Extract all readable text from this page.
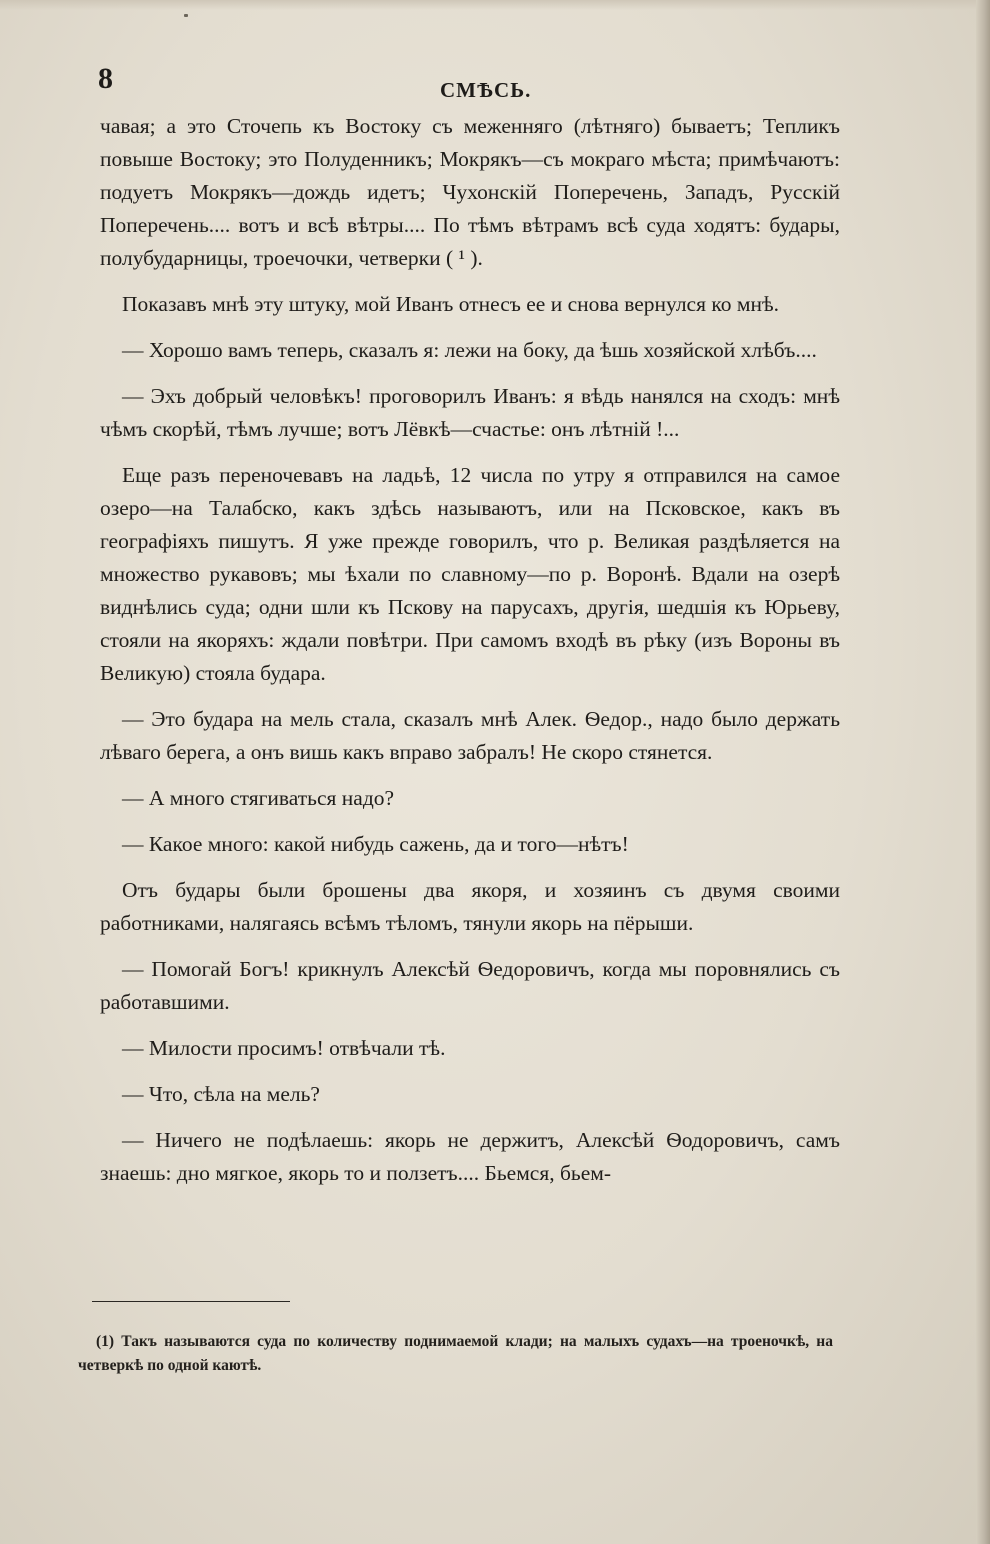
8	СМѢСЬ.

чавая; а это Сточепь къ Востоку съ меженняго (лѣтняго) бываетъ; Тепликъ повыше Востоку; это Полуденникъ; Мокрякъ—съ мокраго мѣста; примѣчаютъ: подуетъ Мокрякъ—дождь идетъ; Чухонскій Поперечень, Западъ, Русскій Поперечень.... вотъ и всѣ вѣтры.... По тѣмъ вѣтрамъ всѣ суда ходятъ: будары, полубударницы, троечочки, четверки ( ¹ ).

Показавъ мнѣ эту штуку, мой Иванъ отнесъ ее и снова вернулся ко мнѣ.

— Хорошо вамъ теперь, сказалъ я: лежи на боку, да ѣшь хозяйской хлѣбъ....

— Эхъ добрый человѣкъ! проговорилъ Иванъ: я вѣдь нанялся на сходъ: мнѣ чѣмъ скорѣй, тѣмъ лучше; вотъ Лёвкѣ—счастье: онъ лѣтній !...

Еще разъ переночевавъ на ладьѣ, 12 числа по утру я отправился на самое озеро—на Талабско, какъ здѣсь называютъ, или на Псковское, какъ въ географіяхъ пишутъ. Я уже прежде говорилъ, что р. Великая раздѣляется на множество рукавовъ; мы ѣхали по славному—по р. Воронѣ. Вдали на озерѣ виднѣлись суда; одни шли къ Пскову на парусахъ, другія, шедшія къ Юрьеву, стояли на якоряхъ: ждали повѣтри. При самомъ входѣ въ рѣку (изъ Вороны въ Великую) стояла бударa.

— Это бударa на мель стала, сказалъ мнѣ Алек. Ѳедор., надо было держать лѣваго берега, а онъ вишь какъ вправо забралъ! Не скоро стянется.

— А много стягиваться надо?

— Какое много: какой нибудь сажень, да и того—нѣтъ!

Отъ будары были брошены два якоря, и хозяинъ съ двумя своими работниками, налягаясь всѣмъ тѣломъ, тянули якорь на пёрыши.

— Помогай Богъ! крикнулъ Алексѣй Ѳедоровичъ, когда мы поровнялись съ работавшими.

— Милости просимъ! отвѣчали тѣ.

— Что, сѣла на мель?

— Ничего не подѣлаешь: якорь не держитъ, Алексѣй Ѳодоровичъ, самъ знаешь: дно мягкое, якорь то и ползетъ.... Бьемся, бьем-

(1) Такъ называются суда по количеству поднимаемой клади; на малыхъ судахъ—на троеночкѣ, на четверкѣ по одной каютѣ.
